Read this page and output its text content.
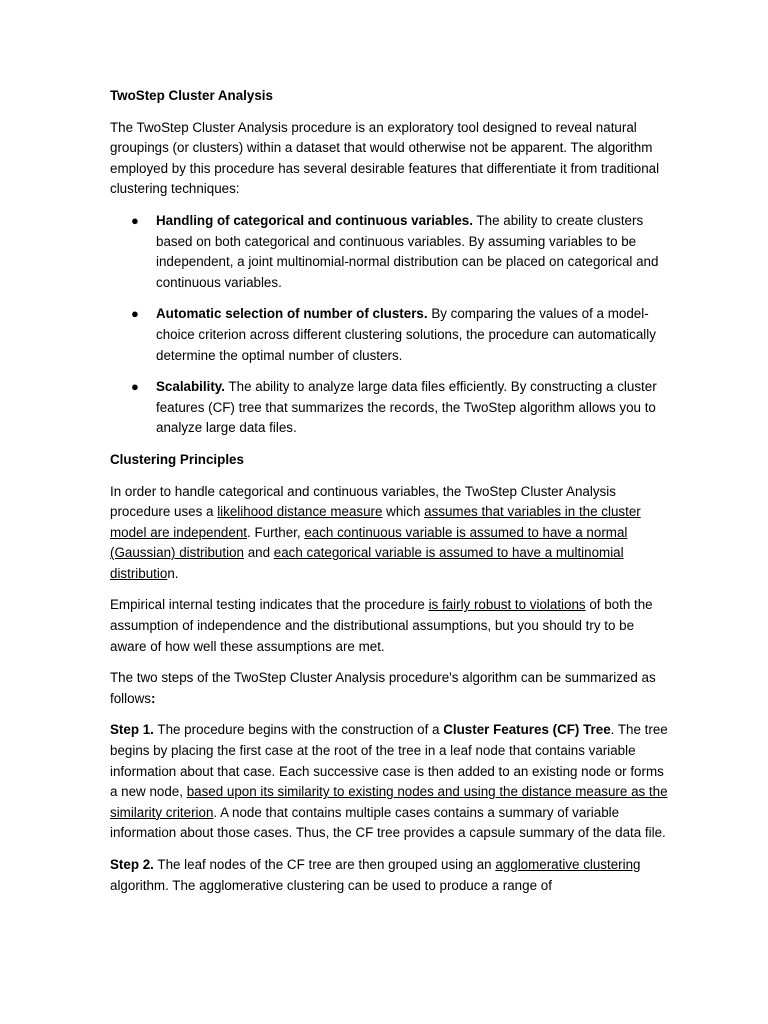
TwoStep Cluster Analysis

The TwoStep Cluster Analysis procedure is an exploratory tool designed to reveal natural groupings (or clusters) within a dataset that would otherwise not be apparent. The algorithm employed by this procedure has several desirable features that differentiate it from traditional clustering techniques:

● Handling of categorical and continuous variables. The ability to create clusters based on both categorical and continuous variables. By assuming variables to be independent, a joint multinomial-normal distribution can be placed on categorical and continuous variables.
● Automatic selection of number of clusters. By comparing the values of a model-choice criterion across different clustering solutions, the procedure can automatically determine the optimal number of clusters.
● Scalability. The ability to analyze large data files efficiently. By constructing a cluster features (CF) tree that summarizes the records, the TwoStep algorithm allows you to analyze large data files.
Clustering Principles

In order to handle categorical and continuous variables, the TwoStep Cluster Analysis procedure uses a likelihood distance measure which assumes that variables in the cluster model are independent. Further, each continuous variable is assumed to have a normal (Gaussian) distribution and each categorical variable is assumed to have a multinomial distribution.

Empirical internal testing indicates that the procedure is fairly robust to violations of both the assumption of independence and the distributional assumptions, but you should try to be aware of how well these assumptions are met.

The two steps of the TwoStep Cluster Analysis procedure's algorithm can be summarized as follows:

Step 1. The procedure begins with the construction of a Cluster Features (CF) Tree. The tree begins by placing the first case at the root of the tree in a leaf node that contains variable information about that case. Each successive case is then added to an existing node or forms a new node, based upon its similarity to existing nodes and using the distance measure as the similarity criterion. A node that contains multiple cases contains a summary of variable information about those cases. Thus, the CF tree provides a capsule summary of the data file.

Step 2. The leaf nodes of the CF tree are then grouped using an agglomerative clustering algorithm. The agglomerative clustering can be used to produce a range of
